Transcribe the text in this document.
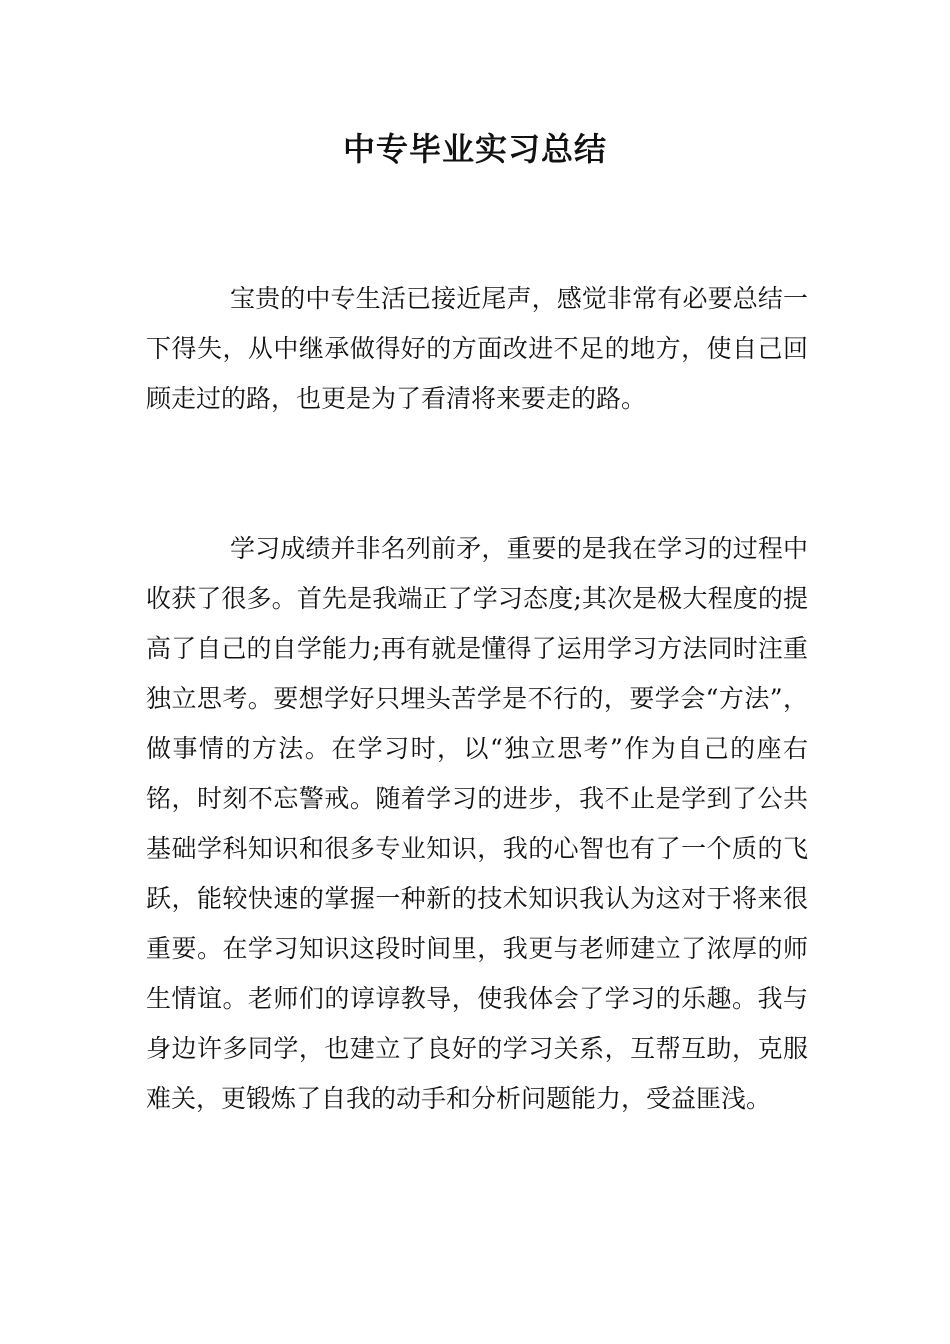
中专毕业实习总结

宝贵的中专生活已接近尾声，感觉非常有必要总结一下得失，从中继承做得好的方面改进不足的地方，使自己回顾走过的路，也更是为了看清将来要走的路。

学习成绩并非名列前矛，重要的是我在学习的过程中收获了很多。首先是我端正了学习态度;其次是极大程度的提高了自己的自学能力;再有就是懂得了运用学习方法同时注重独立思考。要想学好只埋头苦学是不行的，要学会“方法”，做事情的方法。在学习时，以“独立思考”作为自己的座右铭，时刻不忘警戒。随着学习的进步，我不止是学到了公共基础学科知识和很多专业知识，我的心智也有了一个质的飞跃，能较快速的掌握一种新的技术知识我认为这对于将来很重要。在学习知识这段时间里，我更与老师建立了浓厚的师生情谊。老师们的谆谆教导，使我体会了学习的乐趣。我与身边许多同学，也建立了良好的学习关系，互帮互助，克服难关，更锻炼了自我的动手和分析问题能力，受益匪浅。
